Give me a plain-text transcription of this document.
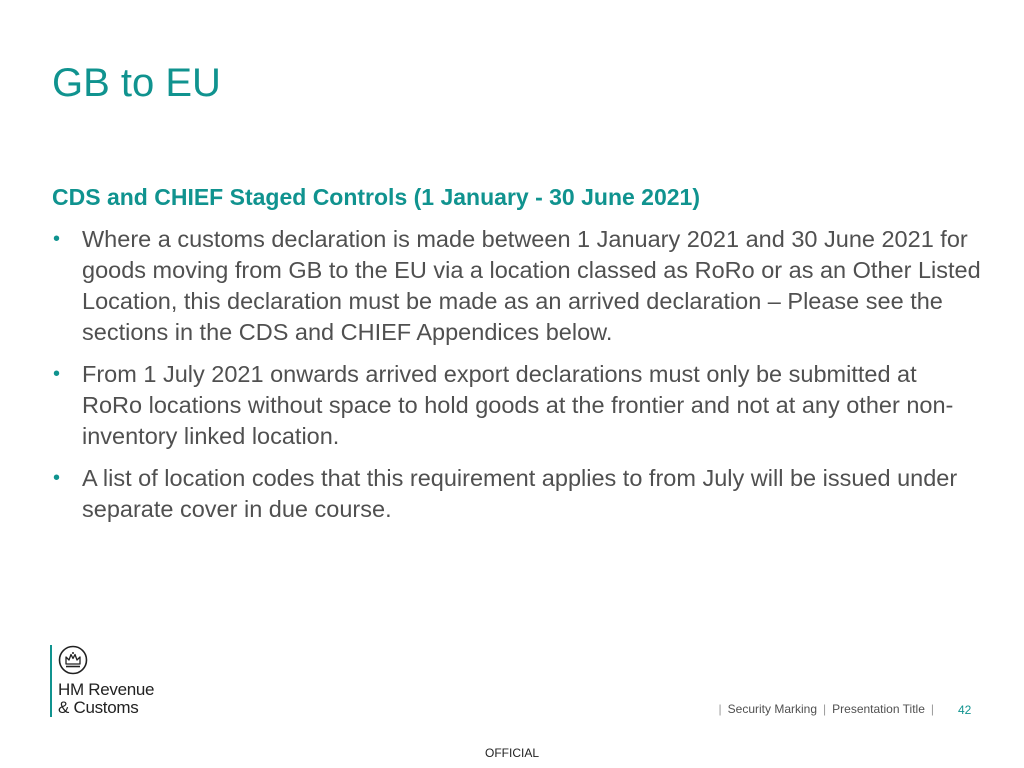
GB to EU
CDS and CHIEF Staged Controls (1 January - 30 June 2021)
• Where a customs declaration is made between 1 January 2021 and 30 June 2021 for goods moving from GB to the EU via a location classed as RoRo or as an Other Listed Location, this declaration must be made as an arrived declaration – Please see the sections in the CDS and CHIEF Appendices below.
• From 1 July 2021 onwards arrived export declarations must only be submitted at RoRo locations without space to hold goods at the frontier and not at any other non-inventory linked location.
• A list of location codes that this requirement applies to from July will be issued under separate cover in due course.
HM Revenue
& Customs	| Security Marking | Presentation Title |	42
OFFICIAL
